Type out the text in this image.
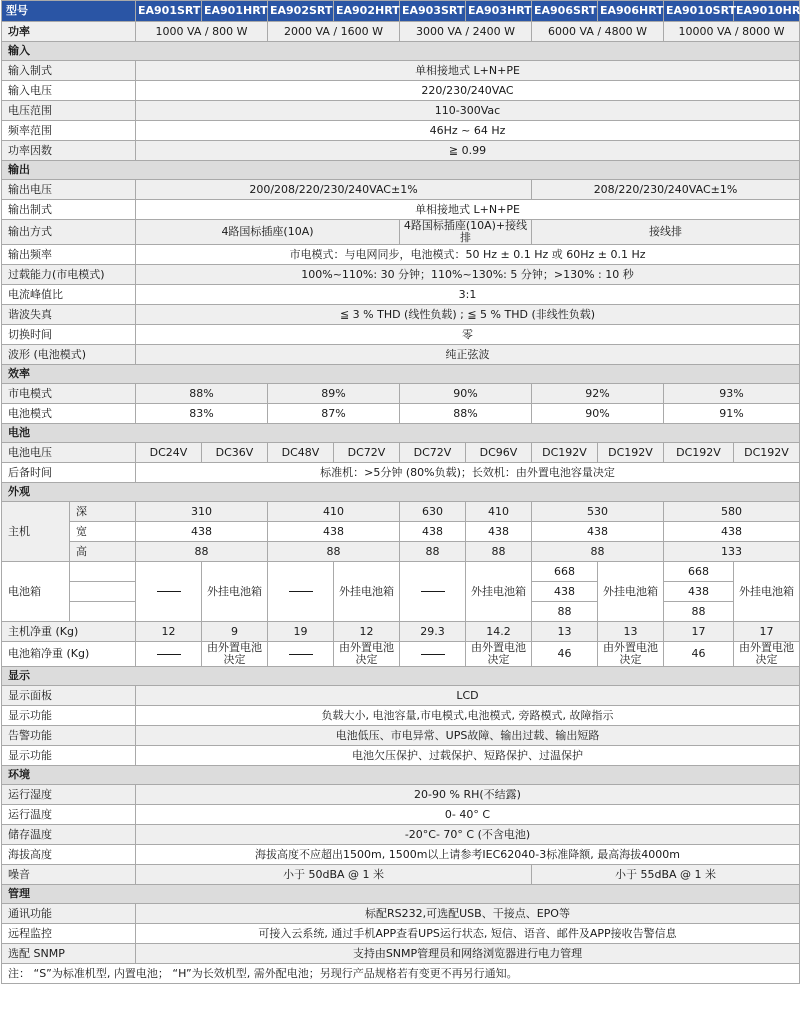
型号		EA901SRT	EA901HRT	EA902SRT	EA902HRT	EA903SRT	EA903HRT	EA906SRT	EA906HRT	EA9010SRT	EA9010HRT
功率		1000 VA / 800 W		2000 VA / 1600 W		3000 VA / 2400 W		6000 VA / 4800 W		10000 VA / 8000 W	
输入											
输入制式		单相接地式 L+N+PE									
输入电压		220/230/240VAC									
电压范围		110-300Vac									
频率范围		46Hz ~ 64 Hz									
功率因数		≧ 0.99									
输出											
输出电压		200/208/220/230/240VAC±1%						208/220/230/240VAC±1%			
输出制式		单相接地式 L+N+PE									
输出方式		4路国标插座(10A)				4路国标插座(10A)+接线排		接线排			
输出频率		市电模式：与电网同步，电池模式：50 Hz ± 0.1 Hz 或 60Hz ± 0.1 Hz									
过载能力(市电模式)		100%~110%: 30 分钟；110%~130%: 5 分钟；>130% : 10 秒									
电流峰值比		3:1									
谐波失真		≦ 3 % THD (线性负载) ; ≦ 5 % THD (非线性负载)									
切换时间		零									
波形 (电池模式)		纯正弦波									
效率											
市电模式		88%		89%		90%		92%		93%	
电池模式		83%		87%		88%		90%		91%	
电池											
电池电压		DC24V	DC36V	DC48V	DC72V	DC72V	DC96V	DC192V	DC192V	DC192V	DC192V
后备时间		标准机：>5分钟 (80%负载)；长效机：由外置电池容量决定									
外观											
主机	深	310		410		630	410	530		580	
	宽	438		438		438	438	438		438	
	高	88		88		88	88	88		133	
电池箱			外挂电池箱		外挂电池箱		外挂电池箱	668	外挂电池箱	668	外挂电池箱
								438		438	
								88		88	
主机净重 (Kg)		12	9	19	12	29.3	14.2	13	13	17	17
电池箱净重 (Kg)			由外置电池决定		由外置电池决定		由外置电池决定	46	由外置电池决定	46	由外置电池决定
显示											
显示面板		LCD									
显示功能		负载大小, 电池容量,市电模式,电池模式, 旁路模式, 故障指示									
告警功能		电池低压、市电异常、UPS故障、输出过载、输出短路									
显示功能		电池欠压保护、过载保护、短路保护、过温保护									
环境											
运行湿度		20-90 % RH(不结露)									
运行温度		0- 40° C									
储存温度		-20°C- 70° C (不含电池)									
海拔高度		海拔高度不应超出1500m, 1500m以上请参考IEC62040-3标准降额, 最高海拔4000m									
噪音		小于 50dBA @ 1 米						小于 55dBA @ 1 米			
管理											
通讯功能		标配RS232,可选配USB、干接点、EPO等									
远程监控		可接入云系统, 通过手机APP查看UPS运行状态, 短信、语音、邮件及APP接收告警信息									
选配 SNMP		支持由SNMP管理员和网络浏览器进行电力管理									
注： “S”为标准机型, 内置电池； “H”为长效机型, 需外配电池；另现行产品规格若有变更不再另行通知。											
